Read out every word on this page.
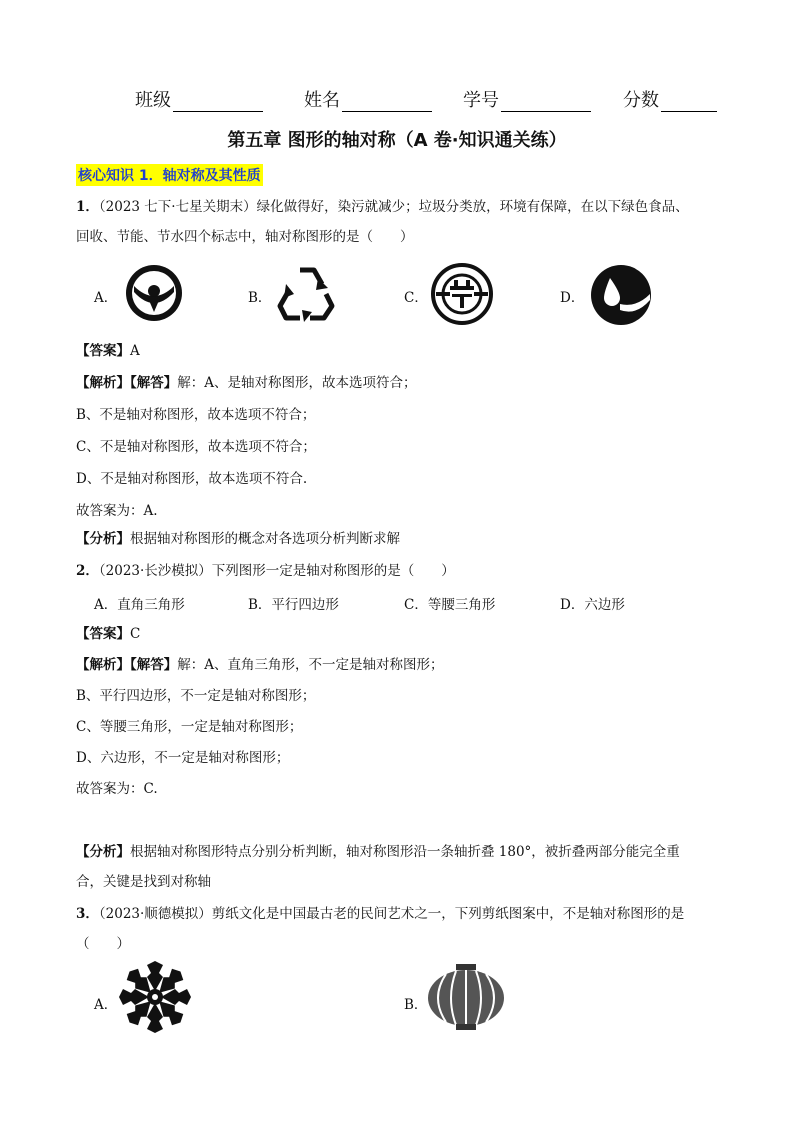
班级	姓名	学号	分数
第五章 图形的轴对称（A 卷·知识通关练）
核心知识 1．轴对称及其性质
1．（2023 七下·七星关期末）绿化做得好，染污就减少；垃圾分类放，环境有保障，在以下绿色食品、
回收、节能、节水四个标志中，轴对称图形的是（　　）
A．	B．	C．	D．
【答案】A
【解析】【解答】解：A、是轴对称图形，故本选项符合；
B、不是轴对称图形，故本选项不符合；
C、不是轴对称图形，故本选项不符合；
D、不是轴对称图形，故本选项不符合.
故答案为：A.
【分析】根据轴对称图形的概念对各选项分析判断求解
2．（2023·长沙模拟）下列图形一定是轴对称图形的是（　　）
A．直角三角形	B．平行四边形	C．等腰三角形	D．六边形
【答案】C
【解析】【解答】解：A、直角三角形，不一定是轴对称图形；
B、平行四边形，不一定是轴对称图形；
C、等腰三角形，一定是轴对称图形；
D、六边形，不一定是轴对称图形；
故答案为：C.
【分析】根据轴对称图形特点分别分析判断，轴对称图形沿一条轴折叠 180°，被折叠两部分能完全重
合，关键是找到对称轴
3．（2023·顺德模拟）剪纸文化是中国最古老的民间艺术之一，下列剪纸图案中，不是轴对称图形的是
（　　）
A．	B．
